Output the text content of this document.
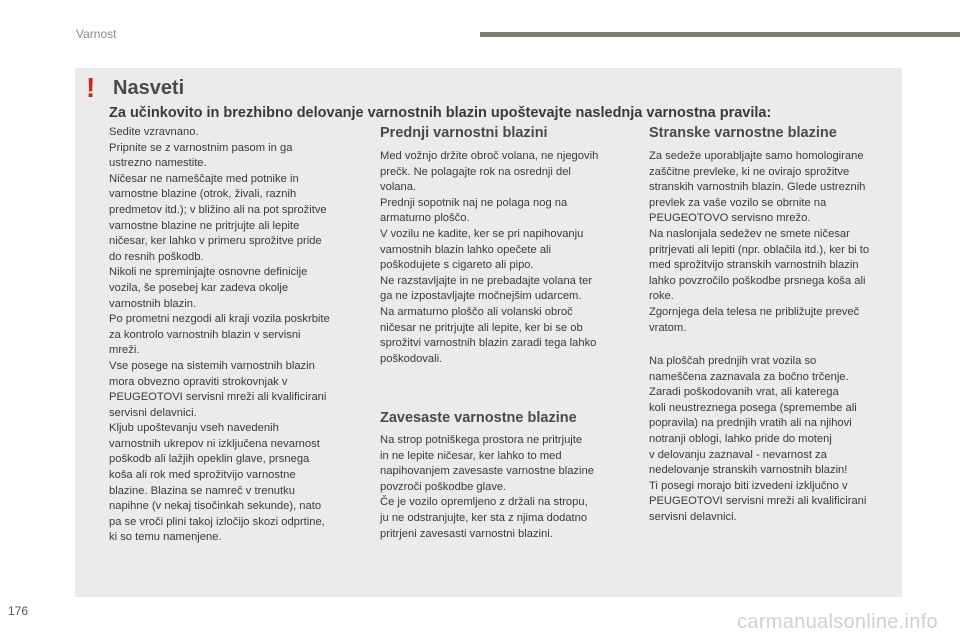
Varnost
! Nasveti
Za učinkovito in brezhibno delovanje varnostnih blazin upoštevajte naslednja varnostna pravila:

Sedite vzravnano.
Pripnite se z varnostnim pasom in ga
ustrezno namestite.
Ničesar ne nameščajte med potnike in
varnostne blazine (otrok, živali, raznih
predmetov itd.); v bližino ali na pot sprožitve
varnostne blazine ne pritrjujte ali lepite
ničesar, ker lahko v primeru sprožitve pride
do resnih poškodb.
Nikoli ne spreminjajte osnovne definicije
vozila, še posebej kar zadeva okolje
varnostnih blazin.
Po prometni nezgodi ali kraji vozila poskrbite
za kontrolo varnostnih blazin v servisni
mreži.
Vse posege na sistemih varnostnih blazin
mora obvezno opraviti strokovnjak v
PEUGEOTOVI servisni mreži ali kvalificirani
servisni delavnici.
Kljub upoštevanju vseh navedenih
varnostnih ukrepov ni izključena nevarnost
poškodb ali lažjih opeklin glave, prsnega
koša ali rok med sprožitvijo varnostne
blazine. Blazina se namreč v trenutku
napihne (v nekaj tisočinkah sekunde), nato
pa se vroči plini takoj izločijo skozi odprtine,
ki so temu namenjene.

Prednji varnostni blazini

Med vožnjo držite obroč volana, ne njegovih
prečk. Ne polagajte rok na osrednji del
volana.
Prednji sopotnik naj ne polaga nog na
armaturno ploščo.
V vozilu ne kadite, ker se pri napihovanju
varnostnih blazin lahko opečete ali
poškodujete s cigareto ali pipo.
Ne razstavljajte in ne prebadajte volana ter
ga ne izpostavljajte močnejšim udarcem.
Na armaturno ploščo ali volanski obroč
ničesar ne pritrjujte ali lepite, ker bi se ob
sprožitvi varnostnih blazin zaradi tega lahko
poškodovali.

Zavesaste varnostne blazine

Na strop potniškega prostora ne pritrjujte
in ne lepite ničesar, ker lahko to med
napihovanjem zavesaste varnostne blazine
povzroči poškodbe glave.
Če je vozilo opremljeno z držali na stropu,
ju ne odstranjujte, ker sta z njima dodatno
pritrjeni zavesasti varnostni blazini.

Stranske varnostne blazine

Za sedeže uporabljajte samo homologirane
zaščitne prevleke, ki ne ovirajo sprožitve
stranskih varnostnih blazin. Glede ustreznih
prevlek za vaše vozilo se obrnite na
PEUGEOTOVO servisno mrežo.
Na naslonjala sedežev ne smete ničesar
pritrjevati ali lepiti (npr. oblačila itd.), ker bi to
med sprožitvijo stranskih varnostnih blazin
lahko povzročilo poškodbe prsnega koša ali
roke.
Zgornjega dela telesa ne približujte preveč
vratom.

Na ploščah prednjih vrat vozila so
nameščena zaznavala za bočno trčenje.
Zaradi poškodovanih vrat, ali katerega
koli neustreznega posega (spremembe ali
popravila) na prednjih vratih ali na njihovi
notranji oblogi, lahko pride do motenj
v delovanju zaznaval - nevarnost za
nedelovanje stranskih varnostnih blazin!
Ti posegi morajo biti izvedeni izključno v
PEUGEOTOVI servisni mreži ali kvalificirani
servisni delavnici.

176	carmanualsonline.info
